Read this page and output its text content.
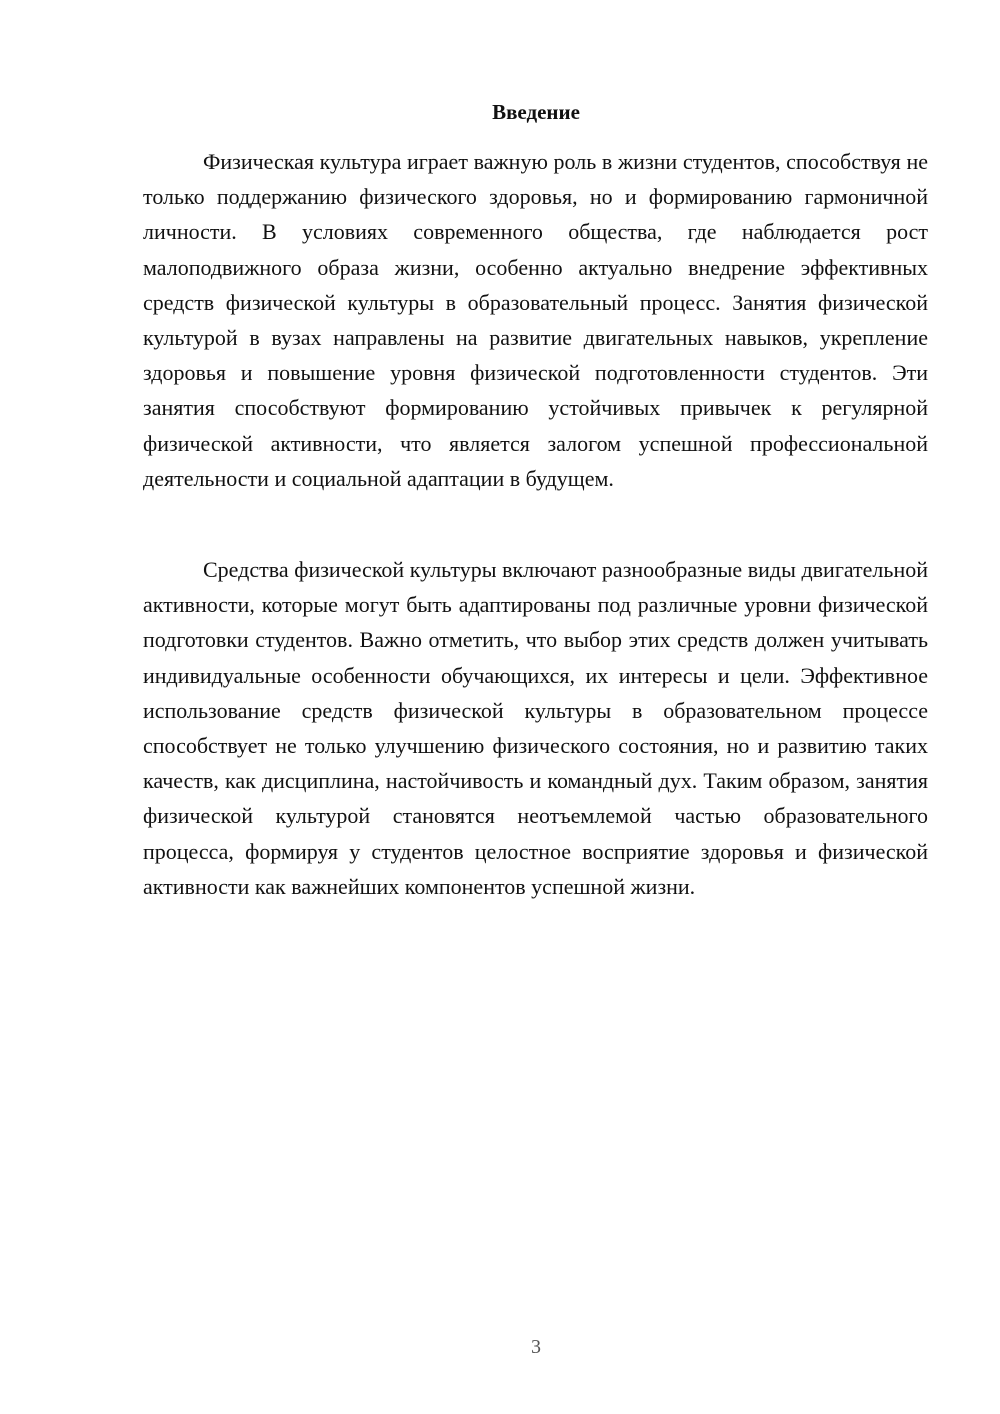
Введение

Физическая культура играет важную роль в жизни студентов, способствуя не только поддержанию физического здоровья, но и формированию гармоничной личности. В условиях современного общества, где наблюдается рост малоподвижного образа жизни, особенно актуально внедрение эффективных средств физической культуры в образовательный процесс. Занятия физической культурой в вузах направлены на развитие двигательных навыков, укрепление здоровья и повышение уровня физической подготовленности студентов. Эти занятия способствуют формированию устойчивых привычек к регулярной физической активности, что является залогом успешной профессиональной деятельности и социальной адаптации в будущем.

Средства физической культуры включают разнообразные виды двигательной активности, которые могут быть адаптированы под различные уровни физической подготовки студентов. Важно отметить, что выбор этих средств должен учитывать индивидуальные особенности обучающихся, их интересы и цели. Эффективное использование средств физической культуры в образовательном процессе способствует не только улучшению физического состояния, но и развитию таких качеств, как дисциплина, настойчивость и командный дух. Таким образом, занятия физической культурой становятся неотъемлемой частью образовательного процесса, формируя у студентов целостное восприятие здоровья и физической активности как важнейших компонентов успешной жизни.

3
